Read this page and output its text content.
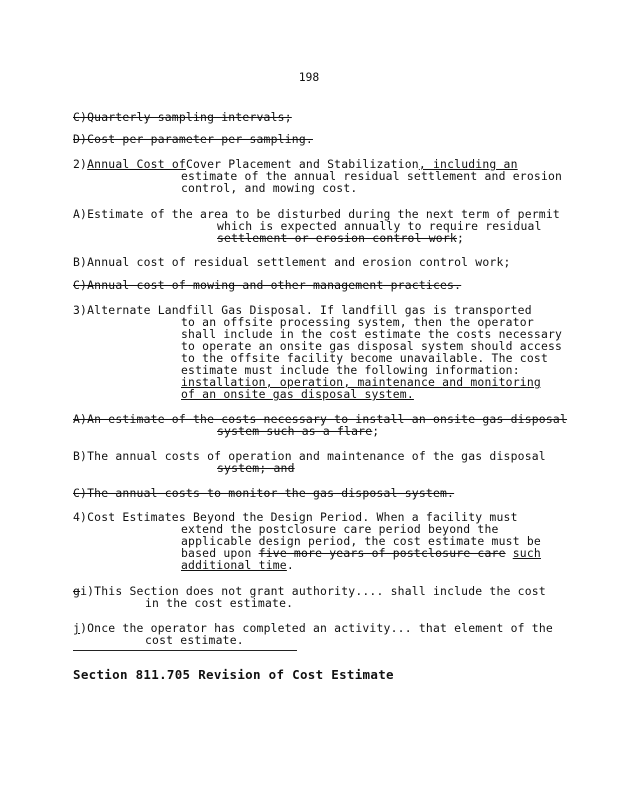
198
C)Quarterly sampling intervals;
D)Cost per parameter per sampling.
2)Annual Cost ofCover Placement and Stabilization, including an
estimate of the annual residual settlement and erosion
control, and mowing cost.
A)Estimate of the area to be disturbed during the next term of permit
which is expected annually to require residual
settlement or erosion control work;
B)Annual cost of residual settlement and erosion control work;
C)Annual cost of mowing and other management practices.
3)Alternate Landfill Gas Disposal. If landfill gas is transported
to an offsite processing system, then the operator
shall include in the cost estimate the costs necessary
to operate an onsite gas disposal system should access
to the offsite facility become unavailable. The cost
estimate must include the following information:
installation, operation, maintenance and monitoring
of an onsite gas disposal system.
A)An estimate of the costs necessary to install an onsite gas disposal
system such as a flare;
B)The annual costs of operation and maintenance of the gas disposal
system; and
C)The annual costs to monitor the gas disposal system.
4)Cost Estimates Beyond the Design Period. When a facility must
extend the postclosure care period beyond the
applicable design period, the cost estimate must be
based upon five more years of postclosure care such
additional time.
gi)This Section does not grant authority.... shall include the cost
in the cost estimate.
j)Once the operator has completed an activity... that element of the
cost estimate.
Section 811.705 Revision of Cost Estimate
